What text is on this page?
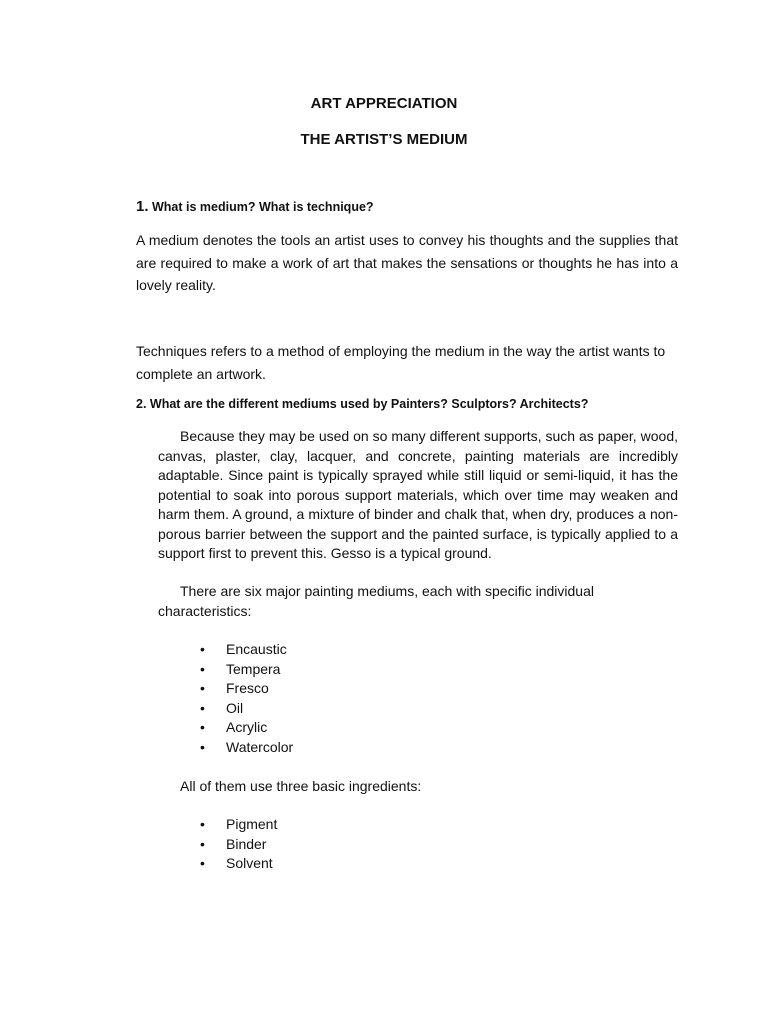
ART APPRECIATION
THE ARTIST’S MEDIUM

1. What is medium? What is technique?

A medium denotes the tools an artist uses to convey his thoughts and the supplies that are required to make a work of art that makes the sensations or thoughts he has into a lovely reality.

Techniques refers to a method of employing the medium in the way the artist wants to complete an artwork.

2. What are the different mediums used by Painters? Sculptors? Architects?

Because they may be used on so many different supports, such as paper, wood, canvas, plaster, clay, lacquer, and concrete, painting materials are incredibly adaptable. Since paint is typically sprayed while still liquid or semi-liquid, it has the potential to soak into porous support materials, which over time may weaken and harm them. A ground, a mixture of binder and chalk that, when dry, produces a non-porous barrier between the support and the painted surface, is typically applied to a support first to prevent this. Gesso is a typical ground.

There are six major painting mediums, each with specific individual characteristics:

• Encaustic
• Tempera
• Fresco
• Oil
• Acrylic
• Watercolor

All of them use three basic ingredients:

• Pigment
• Binder
• Solvent
